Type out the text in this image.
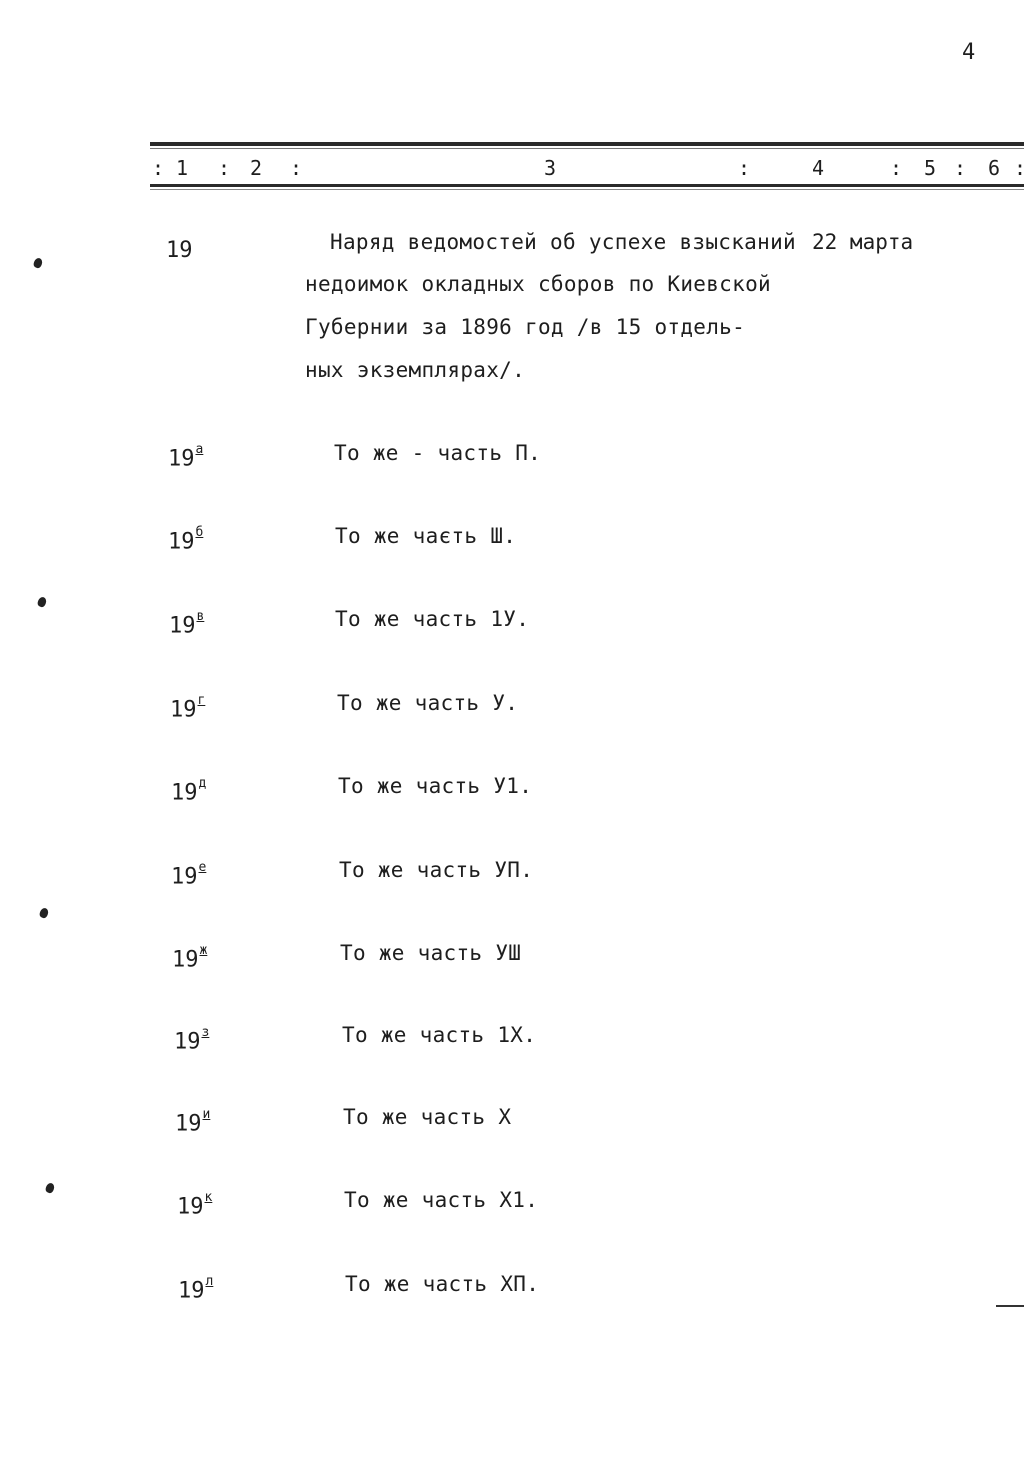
4
: 1 : 2 :	3	:	4	: 5 : 6 :
19	Наряд ведомостей об успехе взысканий 22 марта
недоимок окладных сборов по Киевской
Губернии за 1896 год /в 15 отдель-
ных экземплярах/.
$19^а$	То же - часть П.
$19^б$	То же чаєть Ш.
$19^в$	То же часть 1У.
$19^г$	То же часть У.
$19^д$	То же часть У1.
$19^е$	То же часть УП.
$19^ж$	То же часть УШ
$19^з$	То же часть 1Х.
$19^и$	То же часть Х
$19^к$	То же часть Х1.
$19^л$	То же часть ХП.
